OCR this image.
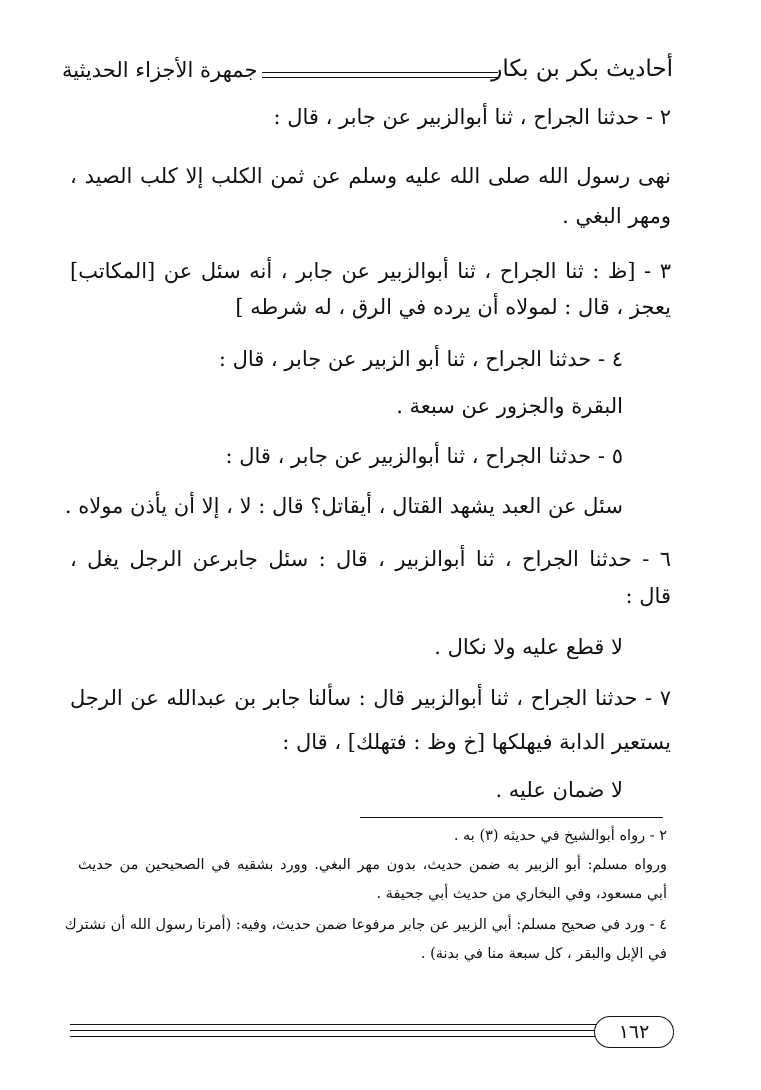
أحاديث بكر بن بكار
جمهرة الأجزاء الحديثية
٢ - حدثنا الجراح ، ثنا أبوالزبير عن جابر ، قال :
نهى رسول الله صلى الله عليه وسلم عن ثمن الكلب إلا كلب الصيد ،
ومهر البغي .
٣ - [ظ : ثنا الجراح ، ثنا أبوالزبير عن جابر ، أنه سئل عن [المكاتب]
يعجز ، قال : لمولاه أن يرده في الرق ، له شرطه ]
٤ - حدثنا الجراح ، ثنا أبو الزبير عن جابر ، قال :
البقرة والجزور عن سبعة .
٥ - حدثنا الجراح ، ثنا أبوالزبير عن جابر ، قال :
سئل عن العبد يشهد القتال ، أيقاتل؟ قال : لا ، إلا أن يأذن مولاه .
٦ - حدثنا الجراح ، ثنا أبوالزبير ، قال : سئل جابرعن الرجل يغل ،
قال :
لا قطع عليه ولا نكال .
٧ - حدثنا الجراح ، ثنا أبوالزبير قال : سألنا جابر بن عبدالله عن الرجل
يستعير الدابة فيهلكها [خ وظ : فتهلك] ، قال :
لا ضمان عليه .
٢ - رواه أبوالشيخ في حديثه (٣) به .
ورواه مسلم: أبو الزبير به ضمن حديث، بدون مهر البغي. وورد بشقيه في الصحيحين من حديث
أبي مسعود، وفي البخاري من حديث أبي جحيفة .
٤ - ورد في صحيح مسلم: أبي الزبير عن جابر مرفوعا ضمن حديث، وفيه: (أمرنا رسول الله أن نشترك
في الإبل والبقر ، كل سبعة منا في بدنة) .
١٦٢
